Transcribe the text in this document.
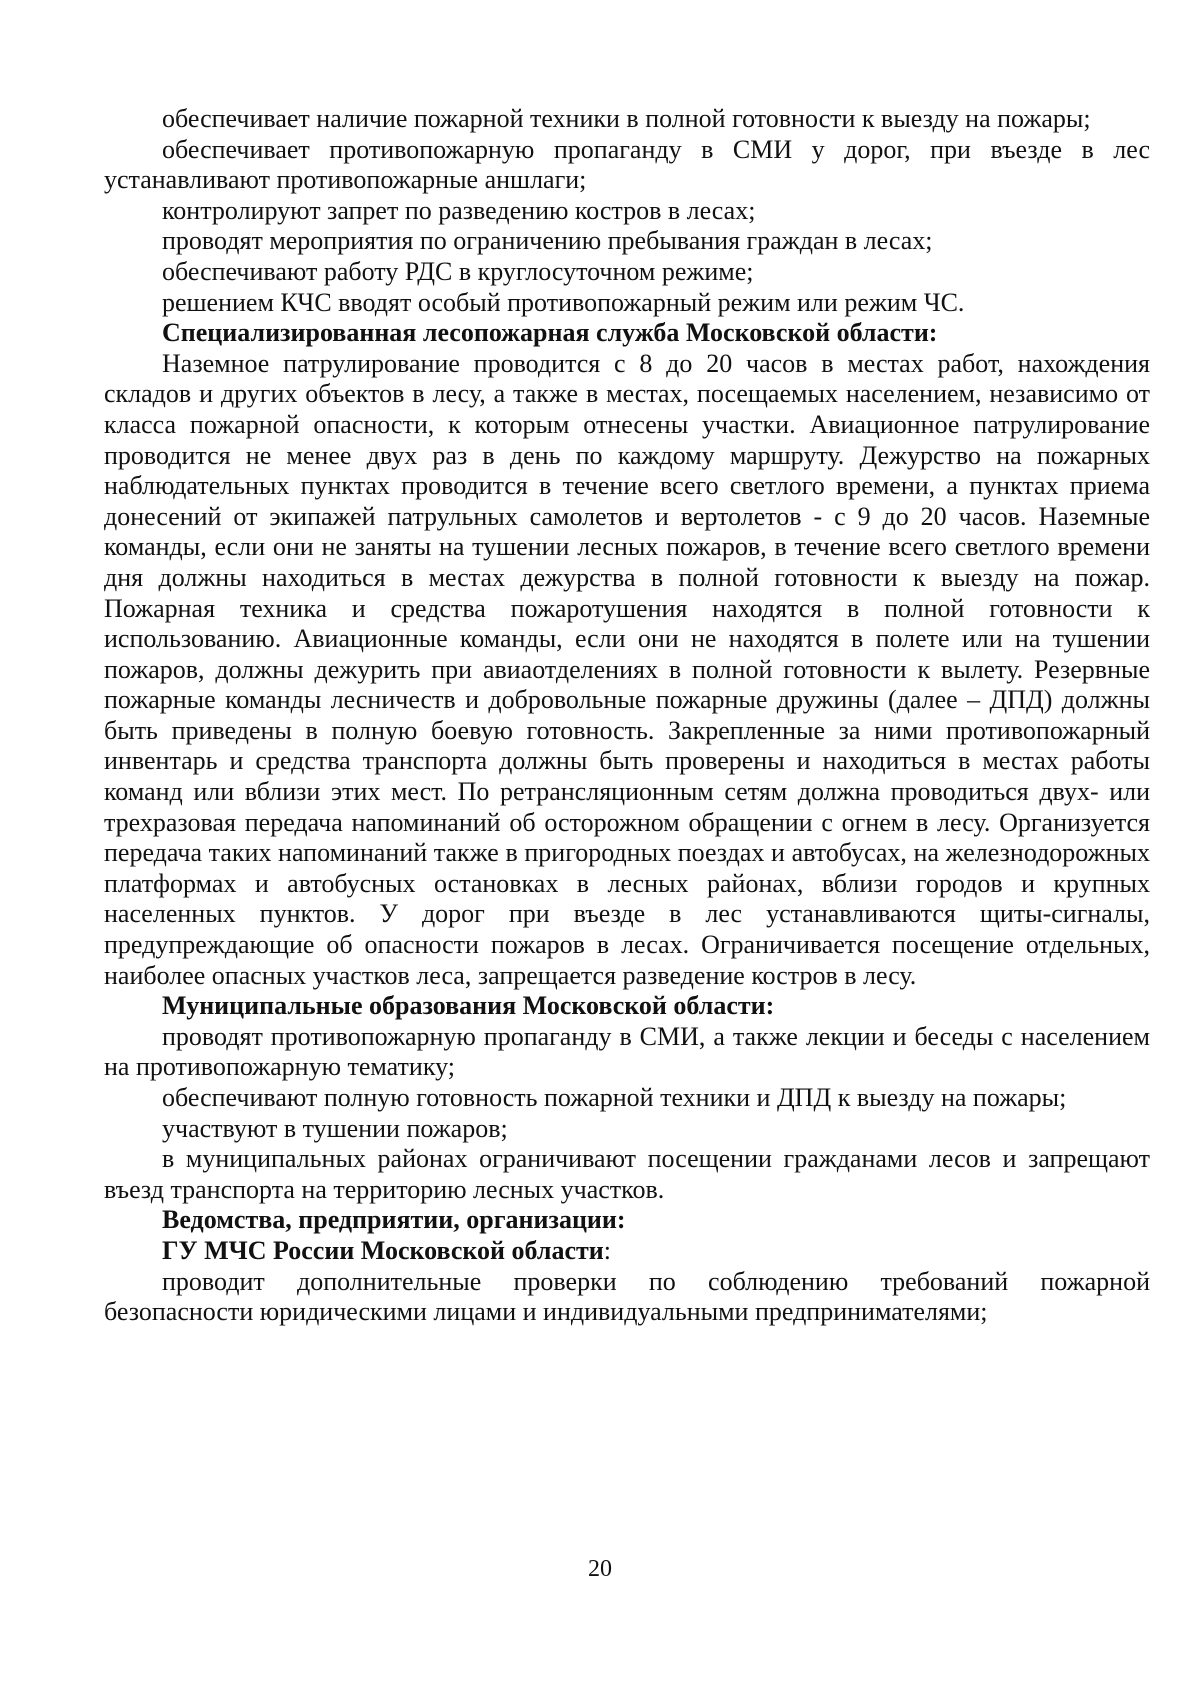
обеспечивает наличие пожарной техники в полной готовности к выезду на пожары;

обеспечивает противопожарную пропаганду в СМИ у дорог, при въезде в лес устанавливают противопожарные аншлаги;

контролируют запрет по разведению костров в лесах;

проводят мероприятия по ограничению пребывания граждан в лесах;

обеспечивают работу РДС в круглосуточном режиме;

решением КЧС вводят особый противопожарный режим или режим ЧС.

Специализированная лесопожарная служба Московской области:

Наземное патрулирование проводится с 8 до 20 часов в местах работ, нахождения складов и других объектов в лесу, а также в местах, посещаемых населением, независимо от класса пожарной опасности, к которым отнесены участки. Авиационное патрулирование проводится не менее двух раз в день по каждому маршруту. Дежурство на пожарных наблюдательных пунктах проводится в течение всего светлого времени, а пунктах приема донесений от экипажей патрульных самолетов и вертолетов - с 9 до 20 часов. Наземные команды, если они не заняты на тушении лесных пожаров, в течение всего светлого времени дня должны находиться в местах дежурства в полной готовности к выезду на пожар. Пожарная техника и средства пожаротушения находятся в полной готовности к использованию. Авиационные команды, если они не находятся в полете или на тушении пожаров, должны дежурить при авиаотделениях в полной готовности к вылету. Резервные пожарные команды лесничеств и добровольные пожарные дружины (далее – ДПД) должны быть приведены в полную боевую готовность. Закрепленные за ними противопожарный инвентарь и средства транспорта должны быть проверены и находиться в местах работы команд или вблизи этих мест. По ретрансляционным сетям должна проводиться двух- или трехразовая передача напоминаний об осторожном обращении с огнем в лесу. Организуется передача таких напоминаний также в пригородных поездах и автобусах, на железнодорожных платформах и автобусных остановках в лесных районах, вблизи городов и крупных населенных пунктов. У дорог при въезде в лес устанавливаются щиты-сигналы, предупреждающие об опасности пожаров в лесах. Ограничивается посещение отдельных, наиболее опасных участков леса, запрещается разведение костров в лесу.

Муниципальные образования Московской области:

проводят противопожарную пропаганду в СМИ, а также лекции и беседы с населением на противопожарную тематику;

обеспечивают полную готовность пожарной техники и ДПД к выезду на пожары;

участвуют в тушении пожаров;

в муниципальных районах ограничивают посещении гражданами лесов и запрещают въезд транспорта на территорию лесных участков.

Ведомства, предприятии, организации:

ГУ МЧС России Московской области:

проводит дополнительные проверки по соблюдению требований пожарной безопасности юридическими лицами и индивидуальными предпринимателями;

20
